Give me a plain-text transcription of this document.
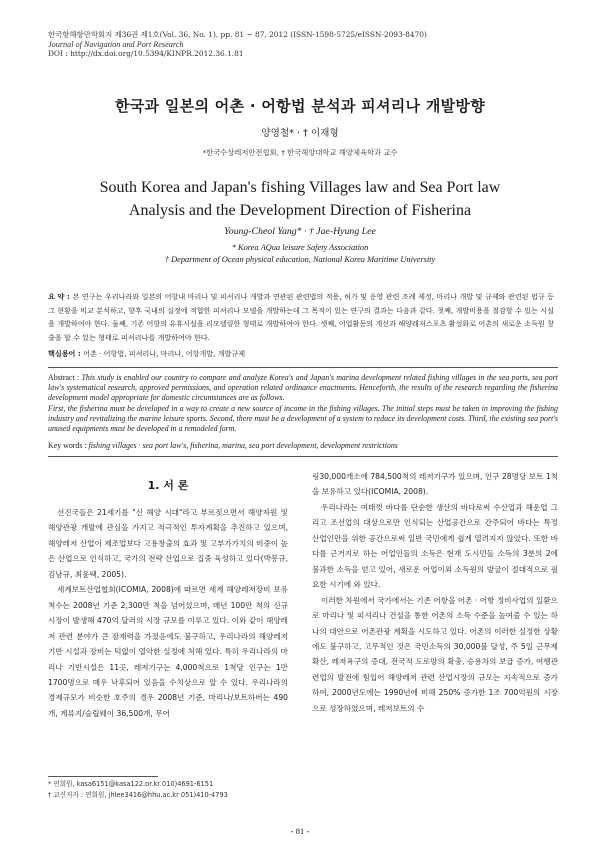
한국항해항만학회지 제36권 제1호(Vol. 36, No. 1), pp. 81 ~ 87, 2012 (ISSN-1598-5725/eISSN-2093-8470)
Journal of Navigation and Port Research
DOI : http://dx.doi.org/10.5394/KINPR.2012.36.1.81
한국과 일본의 어촌 · 어항법 분석과 피셔리나 개발방향
양영철* · † 이재형
*한국수상레저안전협회, † 한국해양대학교 해양체육학과 교수
South Korea and Japan's fishing Villages law and Sea Port law
Analysis and the Development Direction of Fisherina
Young-Cheol Yang* · † Jae-Hyung Lee
* Korea AQua leisure Safety Association
† Department of Ocean physical education, National Korea Maritime University
요 약 : 본 연구는 우리나라와 일본의 어항내 마리나 및 피셔리나 개발과 연관된 관련법의 적용, 허가 및 운영 관련 조례 제정, 마리나 개발 및 규제와 관련된 법규 등 그 현황을 비교 분석하고, 향후 국내의 실정에 적합한 피셔리나 모델을 개발하는데 그 목적이 있는 연구의 결과는 다음과 같다. 첫째, 개발비용을 절감할 수 있는 시설을 개발하여야 한다. 둘째, 기존 어항의 유휴시설을 리모델링한 형태로 개발하여야 한다. 셋째, 어업활동의 개선과 해양레저스포츠 활성화로 어촌의 새로운 소득원 창출을 할 수 있는 형태로 피셔리나를 개발하여야 한다.
핵심용어 : 어촌 · 어항법, 피셔리나, 마리나, 어항개발, 개발규제
Abstract : This study is enabled our country to compare and analyze Korea's and Japan's marina development related fishing villages in the sea ports, sea port law's systematical research, approved permissions, and operation related ordinance enactments. Henceforth, the results of the research regarding the fisherina development model appropriate for domestic circumstances are as follows.
First, the fisherina must be developed in a way to create a new source of income in the fishing villages. The initial steps must be taken in improving the fishing industry and revitalizing the marine leisure sports. Second, there must be a development of a system to reduce its development costs. Third, the existing sea port's unused equipments must be developed in a remodeled form.
Key words : fishing villages · sea port law's, fisherina, marina, sea port development, development restrictions
1. 서 론

선진국들은 21세기를 "신 해양 시대"라고 부르짖으면서 해양자원 및 해양관광 개발에 관심을 가지고 적극적인 투자계획을 추진하고 있으며, 해양레저 산업이 제조업보다 고용창출의 효과 및 고부가가치의 비중이 높은 산업으로 인식하고, 국가의 전략 산업으로 집중 육성하고 있다(박봉규, 김남규, 최윤택, 2005).

세계보트산업협회(ICOMIA, 2008)에 따르면 세계 해양레저장비 보유척수는 2008년 기준 2,300만 척을 넘어섰으며, 매년 100만 척의 신규 시장이 발생해 470억 달러의 시장 규모를 이루고 있다. 이와 같이 해양레저 관련 분야가 큰 잠재력을 가졌음에도 불구하고, 우리나라의 해양레저기반 시설과 장비는 턱없이 열악한 실정에 처해 있다. 특히 우리나라의 마리나 기반시설은 11곳, 레저기구는 4,000척으로 1척당 인구는 1만1700명으로 매우 낙후되어 있음을 수치상으로 알 수 있다. 우리나라의 경제규모가 비슷한 호주의 경우 2008년 기준, 마리나/보트하버는 490개, 계류지/슬립웨이 36,500개, 무어

링30,000개소에 784,500척의 레저기구가 있으며, 인구 28명당 보트 1척을 보유하고 있다(ICOMIA, 2008).

우리나라는 여태껏 바다를 단순한 생산의 바다로써 수산업과 해운업 그리고 조선업의 대상으로만 인식되는 산업공간으로 간주되어 바다는 특정 산업인만을 위한 공간으로써 일반 국민에게 쉽게 열려지지 않았다. 또한 바다를 근거지로 하는 어업인들의 소득은 현재 도시민들 소득의 3분의 2에 불과한 소득을 얻고 있어, 새로운 어업이외 소득원의 발굴이 절대적으로 필요한 시기에 와 있다.

이러한 차원에서 국가에서는 기존 어항을 어촌 · 어항 정비사업의 일환으로 마리나 및 피셔리나 건설을 통한 어촌의 소득 수준을 높여줄 수 있는 하나의 대안으로 어촌관광 계획을 시도하고 있다. 어촌의 이러한 실정한 상황에도 불구하고, 고무적인 것은 국민소득의 30,000불 달성, 주 5일 근무제 확산, 레저욕구의 증대, 전국적 도로망의 확충, 승용차의 보급 증가, 여행관련업의 발전에 힘입어 해양레저 관련 산업시장의 규모는 지속적으로 증가하여, 2000년도에는 1990년에 비해 250% 증가한 1조 700억원의 시장으로 성장하였으며, 레저보트의 수

* 연회원, kasa6151@kasa122.or.kr 010)4691-6151
† 교신저자 : 연회원, jhlee3416@hhu.ac.kr 051)410-4793
- 81 -
